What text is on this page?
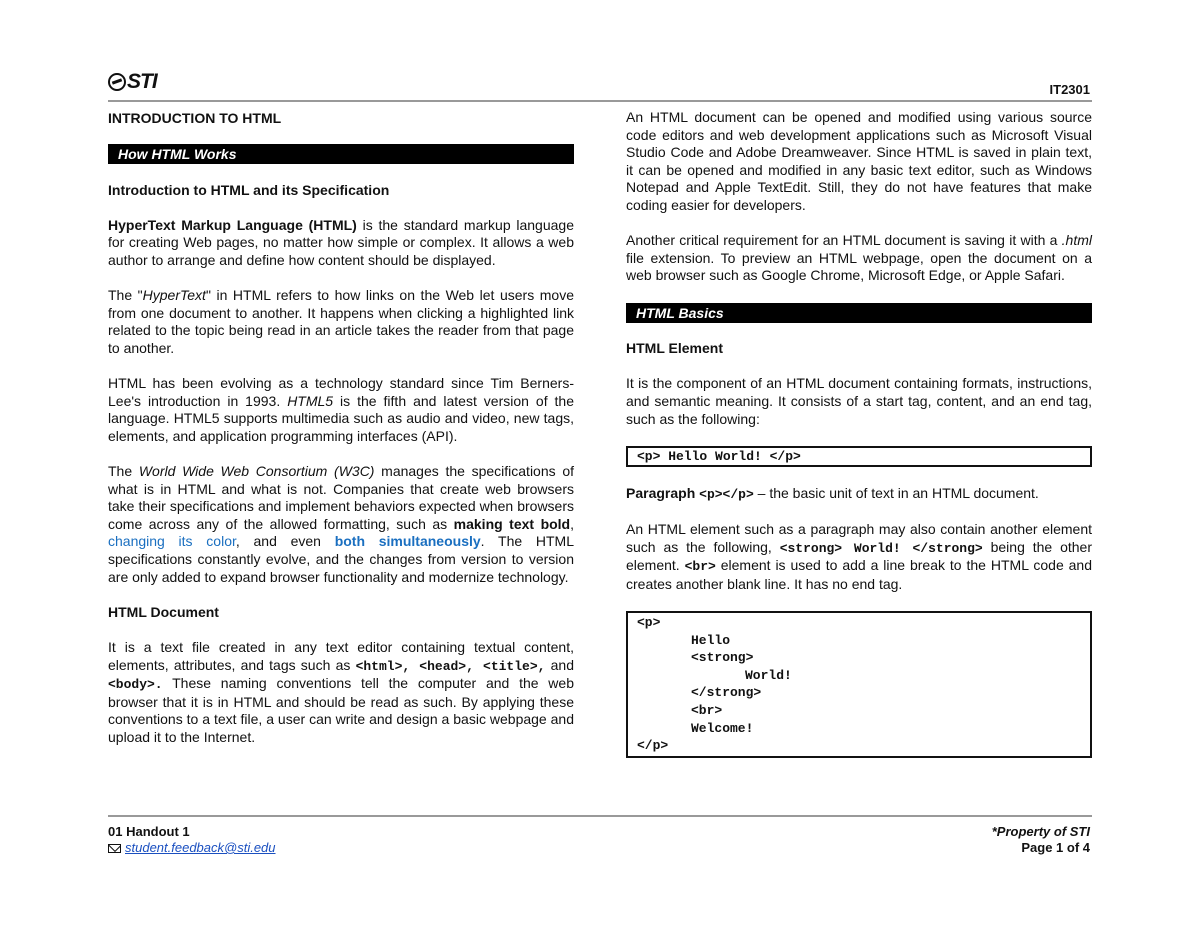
STI	IT2301

INTRODUCTION TO HTML

How HTML Works

Introduction to HTML and its Specification

HyperText Markup Language (HTML) is the standard markup language for creating Web pages, no matter how simple or complex. It allows a web author to arrange and define how content should be displayed.

The "HyperText" in HTML refers to how links on the Web let users move from one document to another. It happens when clicking a highlighted link related to the topic being read in an article takes the reader from that page to another.

HTML has been evolving as a technology standard since Tim Berners-Lee's introduction in 1993. HTML5 is the fifth and latest version of the language. HTML5 supports multimedia such as audio and video, new tags, elements, and application programming interfaces (API).

The World Wide Web Consortium (W3C) manages the specifications of what is in HTML and what is not. Companies that create web browsers take their specifications and implement behaviors expected when browsers come across any of the allowed formatting, such as making text bold, changing its color, and even both simultaneously. The HTML specifications constantly evolve, and the changes from version to version are only added to expand browser functionality and modernize technology.

HTML Document

It is a text file created in any text editor containing textual content, elements, attributes, and tags such as <html>, <head>, <title>, and <body>. These naming conventions tell the computer and the web browser that it is in HTML and should be read as such. By applying these conventions to a text file, a user can write and design a basic webpage and upload it to the Internet.

An HTML document can be opened and modified using various source code editors and web development applications such as Microsoft Visual Studio Code and Adobe Dreamweaver. Since HTML is saved in plain text, it can be opened and modified in any basic text editor, such as Windows Notepad and Apple TextEdit. Still, they do not have features that make coding easier for developers.

Another critical requirement for an HTML document is saving it with a .html file extension. To preview an HTML webpage, open the document on a web browser such as Google Chrome, Microsoft Edge, or Apple Safari.

HTML Basics

HTML Element

It is the component of an HTML document containing formats, instructions, and semantic meaning. It consists of a start tag, content, and an end tag, such as the following:

<p> Hello World! </p>

Paragraph <p></p> – the basic unit of text in an HTML document.

An HTML element such as a paragraph may also contain another element such as the following, <strong> World! </strong> being the other element. <br> element is used to add a line break to the HTML code and creates another blank line. It has no end tag.

<p>
Hello
<strong>
World!
</strong>
<br>
Welcome!
</p>
01 Handout 1
student.feedback@sti.edu
*Property of STI
Page 1 of 4
